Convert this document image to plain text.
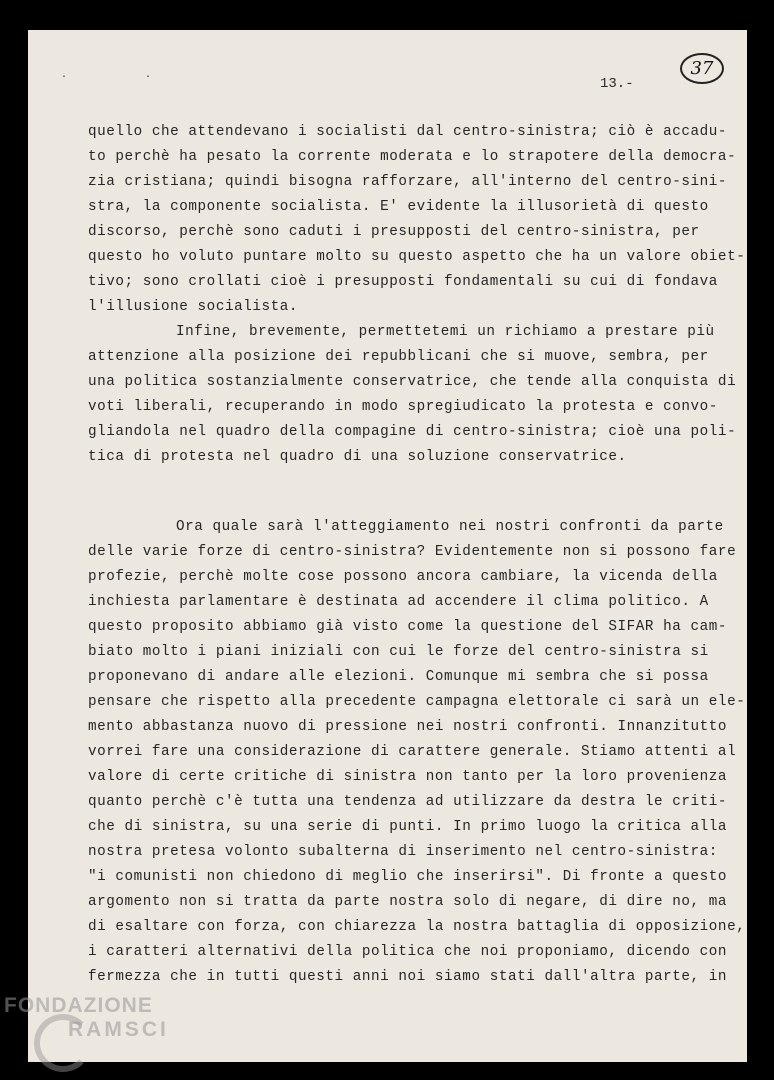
. .
13.-
37
quello che attendevano i socialisti dal centro-sinistra; ciò è accadu-
to perchè ha pesato la corrente moderata e lo strapotere della democra-
zia cristiana; quindi bisogna rafforzare, all'interno del centro-sini-
stra, la componente socialista. E' evidente la illusorietà di questo
discorso, perchè sono caduti i presupposti del centro-sinistra, per
questo ho voluto puntare molto su questo aspetto che ha un valore obiet-
tivo; sono crollati cioè i presupposti fondamentali su cui di fondava
l'illusione socialista.
Infine, brevemente, permettetemi un richiamo a prestare più
attenzione alla posizione dei repubblicani che si muove, sembra, per
una politica sostanzialmente conservatrice, che tende alla conquista di
voti liberali, recuperando in modo spregiudicato la protesta e convo-
gliandola nel quadro della compagine di centro-sinistra; cioè una poli-
tica di protesta nel quadro di una soluzione conservatrice.
Ora quale sarà l'atteggiamento nei nostri confronti da parte
delle varie forze di centro-sinistra? Evidentemente non si possono fare
profezie, perchè molte cose possono ancora cambiare, la vicenda della
inchiesta parlamentare è destinata ad accendere il clima politico. A
questo proposito abbiamo già visto come la questione del SIFAR ha cam-
biato molto i piani iniziali con cui le forze del centro-sinistra si
proponevano di andare alle elezioni. Comunque mi sembra che si possa
pensare che rispetto alla precedente campagna elettorale ci sarà un ele-
mento abbastanza nuovo di pressione nei nostri confronti. Innanzitutto
vorrei fare una considerazione di carattere generale. Stiamo attenti al
valore di certe critiche di sinistra non tanto per la loro provenienza
quanto perchè c'è tutta una tendenza ad utilizzare da destra le criti-
che di sinistra, su una serie di punti. In primo luogo la critica alla
nostra pretesa volonto subalterna di inserimento nel centro-sinistra:
"i comunisti non chiedono di meglio che inserirsi". Di fronte a questo
argomento non si tratta da parte nostra solo di negare, di dire no, ma
di esaltare con forza, con chiarezza la nostra battaglia di opposizione,
i caratteri alternativi della politica che noi proponiamo, dicendo con
fermezza che in tutti questi anni noi siamo stati dall'altra parte, in
FONDAZIONE
RAMSCI
